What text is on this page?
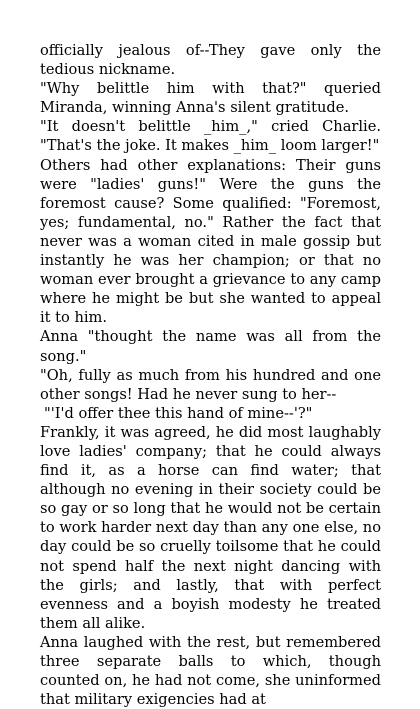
officially jealous of--They gave only the tedious nickname.

"Why belittle him with that?" queried Miranda, winning Anna's silent gratitude.

"It doesn't belittle _him_," cried Charlie. "That's the joke. It makes _him_ loom larger!"

Others had other explanations: Their guns were "ladies' guns!" Were the guns the foremost cause? Some qualified: "Foremost, yes; fundamental, no." Rather the fact that never was a woman cited in male gossip but instantly he was her champion; or that no woman ever brought a grievance to any camp where he might be but she wanted to appeal it to him.

Anna "thought the name was all from the song."

"Oh, fully as much from his hundred and one other songs! Had he never sung to her--

"'I'd offer thee this hand of mine--'?"

Frankly, it was agreed, he did most laughably love ladies' company; that he could always find it, as a horse can find water; that although no evening in their society could be so gay or so long that he would not be certain to work harder next day than any one else, no day could be so cruelly toilsome that he could not spend half the next night dancing with the girls; and lastly, that with perfect evenness and a boyish modesty he treated them all alike.

Anna laughed with the rest, but remembered three separate balls to which, though counted on, he had not come, she uninformed that military exigencies had at
